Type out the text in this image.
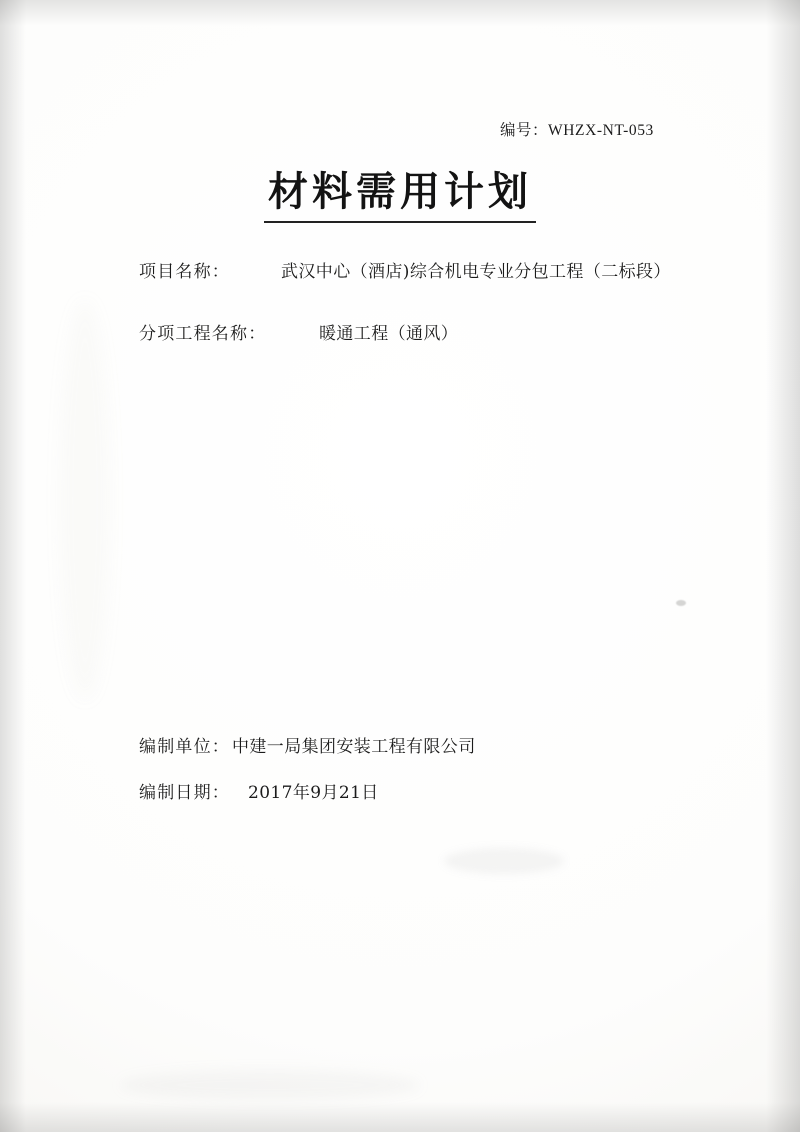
编号：WHZX-NT-053
材料需用计划
项目名称：	武汉中心（酒店)综合机电专业分包工程（二标段）
分项工程名称：	暖通工程（通风）
编制单位： 中建一局集团安装工程有限公司
编制日期： 2017年9月21日
